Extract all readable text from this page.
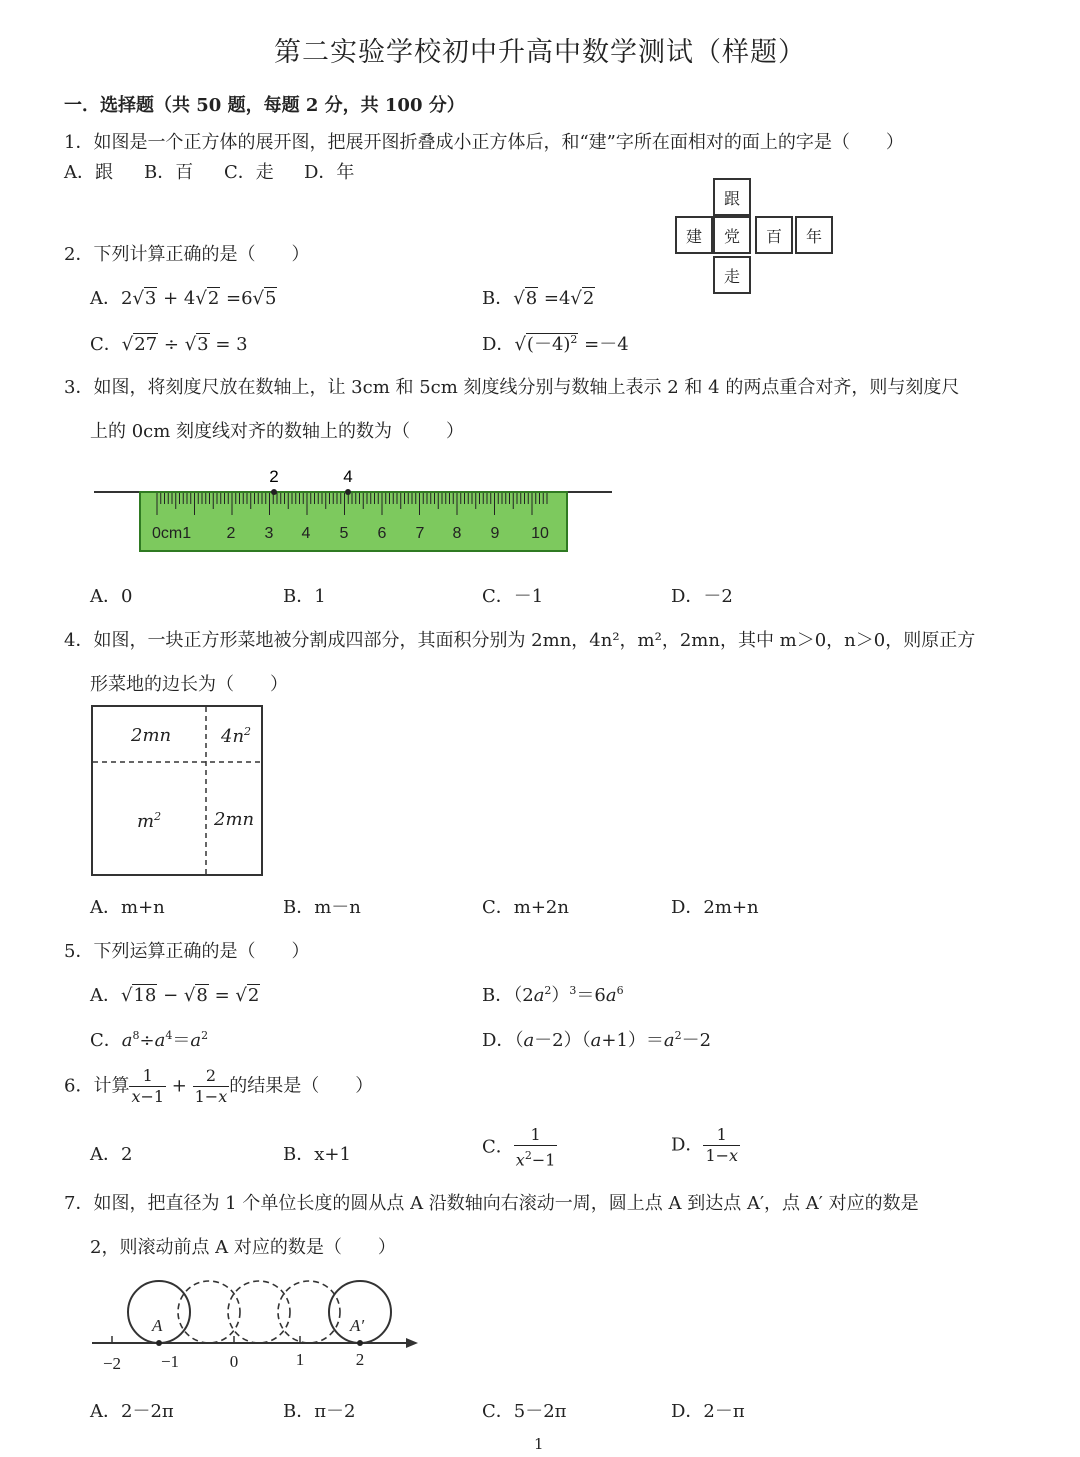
第二实验学校初中升高中数学测试（样题）
一．选择题（共 50 题，每题 2 分，共 100 分）
1．如图是一个正方体的展开图，把展开图折叠成小正方体后，和“建”字所在面相对的面上的字是（　　）
A．跟 B．百 C．走 D．年
跟
建	党	百	年
走
2．下列计算正确的是（　　）
A．2√3 + 4√2 =6√5	B．√8 =4√2
C．√27 ÷ √3 = 3	D．$√(-4)^2 =-4$
3．如图，将刻度尺放在数轴上，让 3cm 和 5cm 刻度线分别与数轴上表示 2 和 4 的两点重合对齐，则与刻度尺
上的 0cm 刻度线对齐的数轴上的数为（　　）
2	4
0cm1 2 3 4 5 6 7 8 9 10
A．0	B．1	C．－1	D．－2
4．如图，一块正方形菜地被分割成四部分，其面积分别为 2mn，4n²，m²，2mn，其中 m＞0，n＞0，则原正方
形菜地的边长为（　　）
2mn	$4n^2$
$m^2$	2mn
A．m+n	B．m－n	C．m+2n	D．2m+n
5．下列运算正确的是（　　）
A．√18 − √8 = √2	B．$(2a^2)^3=6a^6$
C．$a^8\div a^4=a^2$	D．$(a-2)(a+1)=a^2-2$
6．计算 $\frac{1}{x-1} + \frac{2}{1-x}$ 的结果是（　　）
A．2	B．x+1	C． $\frac{1}{x^2-1}$	D． $\frac{1}{1-x}$
7．如图，把直径为 1 个单位长度的圆从点 A 沿数轴向右滚动一周，圆上点 A 到达点 A′，点 A′ 对应的数是
2，则滚动前点 A 对应的数是（　　）
A	A′
−2 −1	0	1	2
A．2－2π	B．π－2	C．5－2π	D．2－π
1
